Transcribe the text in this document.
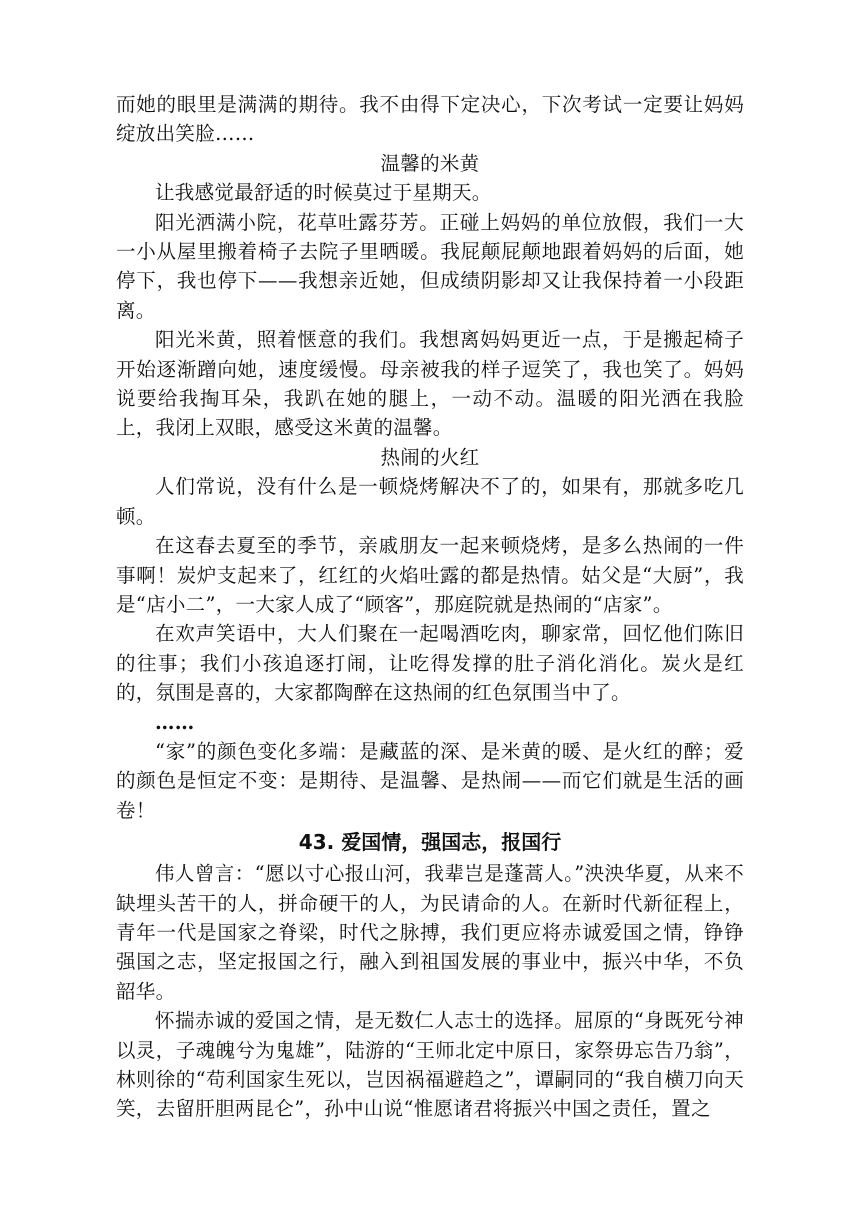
而她的眼里是满满的期待。我不由得下定决心，下次考试一定要让妈妈绽放出笑脸……

温馨的米黄

让我感觉最舒适的时候莫过于星期天。

阳光洒满小院，花草吐露芬芳。正碰上妈妈的单位放假，我们一大一小从屋里搬着椅子去院子里晒暖。我屁颠屁颠地跟着妈妈的后面，她停下，我也停下——我想亲近她，但成绩阴影却又让我保持着一小段距离。

阳光米黄，照着惬意的我们。我想离妈妈更近一点，于是搬起椅子开始逐渐蹭向她，速度缓慢。母亲被我的样子逗笑了，我也笑了。妈妈说要给我掏耳朵，我趴在她的腿上，一动不动。温暖的阳光洒在我脸上，我闭上双眼，感受这米黄的温馨。

热闹的火红

人们常说，没有什么是一顿烧烤解决不了的，如果有，那就多吃几顿。

在这春去夏至的季节，亲戚朋友一起来顿烧烤，是多么热闹的一件事啊！炭炉支起来了，红红的火焰吐露的都是热情。姑父是“大厨”，我是“店小二”，一大家人成了“顾客”，那庭院就是热闹的“店家”。

在欢声笑语中，大人们聚在一起喝酒吃肉，聊家常，回忆他们陈旧的往事；我们小孩追逐打闹，让吃得发撑的肚子消化消化。炭火是红的，氛围是喜的，大家都陶醉在这热闹的红色氛围当中了。

……

“家”的颜色变化多端：是藏蓝的深、是米黄的暖、是火红的醉；爱的颜色是恒定不变：是期待、是温馨、是热闹——而它们就是生活的画卷！

43. 爱国情，强国志，报国行

伟人曾言：“愿以寸心报山河，我辈岂是蓬蒿人。”泱泱华夏，从来不缺埋头苦干的人，拼命硬干的人，为民请命的人。在新时代新征程上，青年一代是国家之脊梁，时代之脉搏，我们更应将赤诚爱国之情，铮铮强国之志，坚定报国之行，融入到祖国发展的事业中，振兴中华，不负韶华。

怀揣赤诚的爱国之情，是无数仁人志士的选择。屈原的“身既死兮神以灵，子魂魄兮为鬼雄”，陆游的“王师北定中原日，家祭毋忘告乃翁”，林则徐的“苟利国家生死以，岂因祸福避趋之”，谭嗣同的“我自横刀向天笑，去留肝胆两昆仑”，孙中山说“惟愿诸君将振兴中国之责任，置之
